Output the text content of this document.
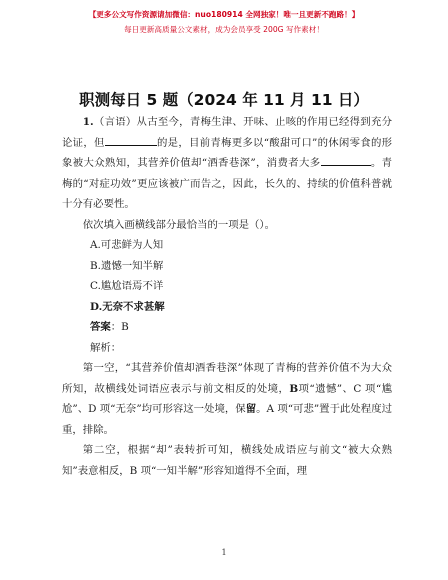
【更多公文写作资源请加微信：nuo180914 全网独家！唯一且更新不跑路！】
每日更新高质量公文素材，成为会员享受 200G 写作素材！
职测每日 5 题（2024 年 11 月 11 日）

1.（言语）从古至今，青梅生津、开味、止咳的作用已经得到充分论证，但	的是，目前青梅更多以“酸甜可口”的休闲零食的形象被大众熟知，其营养价值却“酒香巷深”，消费者大多	。青梅的“对症功效”更应该被广而告之，因此，长久的、持续的价值科普就十分有必要性。

依次填入画横线部分最恰当的一项是（）。

A.可悲鲜为人知

B.遗憾一知半解

C.尴尬语焉不详

D.无奈不求甚解

答案：B

解析：

第一空，“其营养价值却酒香巷深”体现了青梅的营养价值不为大众所知，故横线处词语应表示与前文相反的处境，B项“遗憾”、C 项“尴尬”、D 项“无奈”均可形容这一处境，保留。A 项“可悲”置于此处程度过重，排除。

第二空，根据“却”表转折可知，横线处成语应与前文“被大众熟知”表意相反，B 项“一知半解”形容知道得不全面，理

1
